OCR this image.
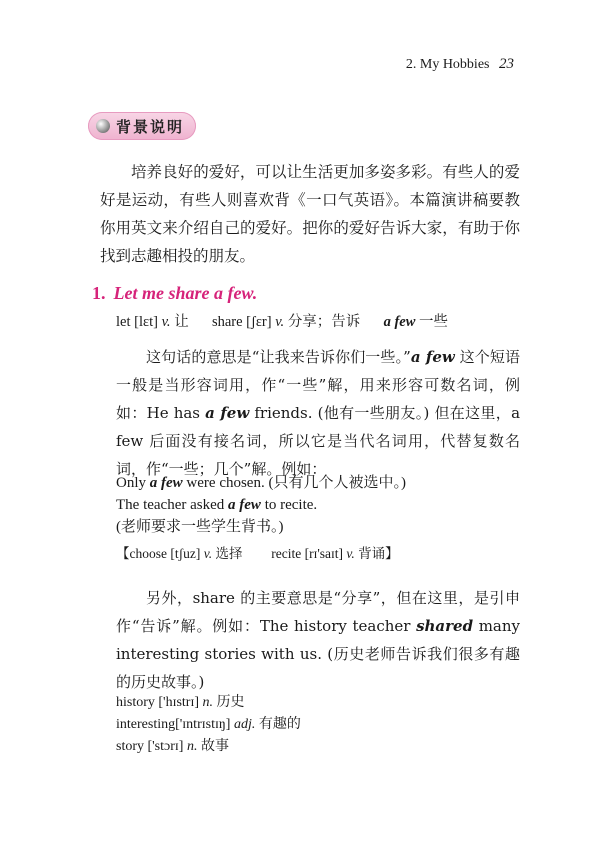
2. My Hobbies 23
背景说明

培养良好的爱好，可以让生活更加多姿多彩。有些人的爱好是运动，有些人则喜欢背《一口气英语》。本篇演讲稿要教你用英文来介绍自己的爱好。把你的爱好告诉大家，有助于你找到志趣相投的朋友。

1. Let me share a few.
let [lɛt] v. 让 share [ʃɛr] v. 分享；告诉 a few 一些

这句话的意思是“让我来告诉你们一些。”a few 这个短语一般是当形容词用，作“一些”解，用来形容可数名词，例如：He has a few friends. (他有一些朋友。) 但在这里，a few 后面没有接名词，所以它是当代名词用，代替复数名词，作“一些；几个”解。例如：

Only a few were chosen. (只有几个人被选中。)
The teacher asked a few to recite.
(老师要求一些学生背书。)
【choose [tʃuz] v. 选择 recite [rɪ'saɪt] v. 背诵】

另外，share 的主要意思是“分享”，但在这里，是引申作“告诉”解。例如：The history teacher shared many interesting stories with us. (历史老师告诉我们很多有趣的历史故事。)

history ['hɪstrɪ] n. 历史
interesting['ɪntrɪstɪŋ] adj. 有趣的
story ['stɔrɪ] n. 故事
